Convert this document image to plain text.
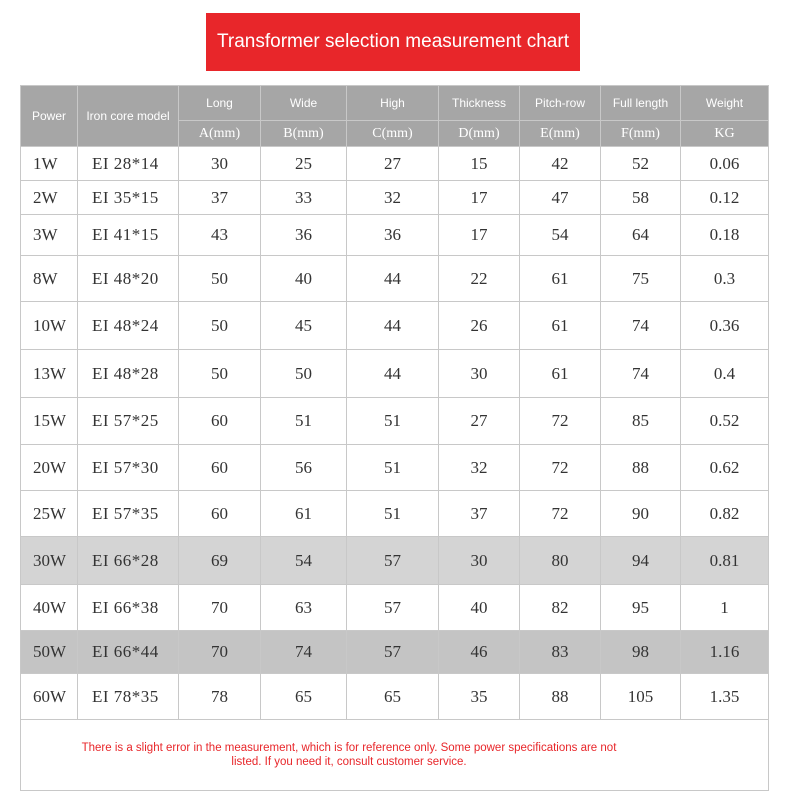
Transformer selection measurement chart
Power	Iron core model	Long	Wide	High	Thickness	Pitch-row	Full length	Weight
		A(mm)	B(mm)	C(mm)	D(mm)	E(mm)	F(mm)	KG
1W	EI 28*14	30	25	27	15	42	52	0.06
2W	EI 35*15	37	33	32	17	47	58	0.12
3W	EI 41*15	43	36	36	17	54	64	0.18
8W	EI 48*20	50	40	44	22	61	75	0.3
10W	EI 48*24	50	45	44	26	61	74	0.36
13W	EI 48*28	50	50	44	30	61	74	0.4
15W	EI 57*25	60	51	51	27	72	85	0.52
20W	EI 57*30	60	56	51	32	72	88	0.62
25W	EI 57*35	60	61	51	37	72	90	0.82
30W	EI 66*28	69	54	57	30	80	94	0.81
40W	EI 66*38	70	63	57	40	82	95	1
50W	EI 66*44	70	74	57	46	83	98	1.16
60W	EI 78*35	78	65	65	35	88	105	1.35

There is a slight error in the measurement, which is for reference only. Some power specifications are not listed. If you need it, consult customer service.								
